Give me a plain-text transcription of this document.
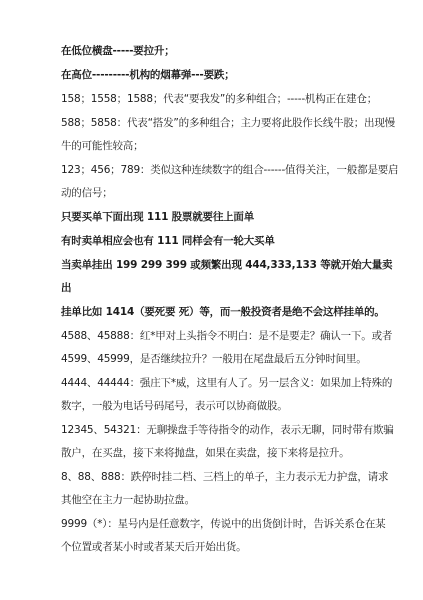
在低位横盘-----要拉升；
在高位---------机构的烟幕弹---要跌；
158；1558；1588；代表“要我发”的多种组合；-----机构正在建仓；
588；5858：代表“搭发”的多种组合；主力要将此股作长线牛股；出现慢
牛的可能性较高；
123；456；789：类似这种连续数字的组合------值得关注，一般都是要启
动的信号；
只要买单下面出现 111 股票就要往上面单
有时卖单相应会也有 111 同样会有一轮大买单
当卖单挂出 199 299 399 或频繁出现 444,333,133 等就开始大量卖
出
挂单比如 1414（要死要 死）等，而一般投资者是绝不会这样挂单的。
4588、45888：红*甲对上头指令不明白：是不是要走？确认一下。或者
4599、45999，是否继续拉升？一般用在尾盘最后五分钟时间里。
4444、44444：强庄下*威，这里有人了。另一层含义：如果加上特殊的
数字，一般为电话号码尾号，表示可以协商做股。
12345、54321：无聊操盘手等待指令的动作，表示无聊，同时带有欺骗
散户，在买盘，接下来将抛盘，如果在卖盘，接下来将是拉升。
8、88、888：跌停时挂二档、三档上的单子，主力表示无力护盘，请求
其他空在主力一起协助拉盘。
9999（*）：星号内是任意数字，传说中的出货倒计时，告诉关系仓在某
个位置或者某小时或者某天后开始出货。
